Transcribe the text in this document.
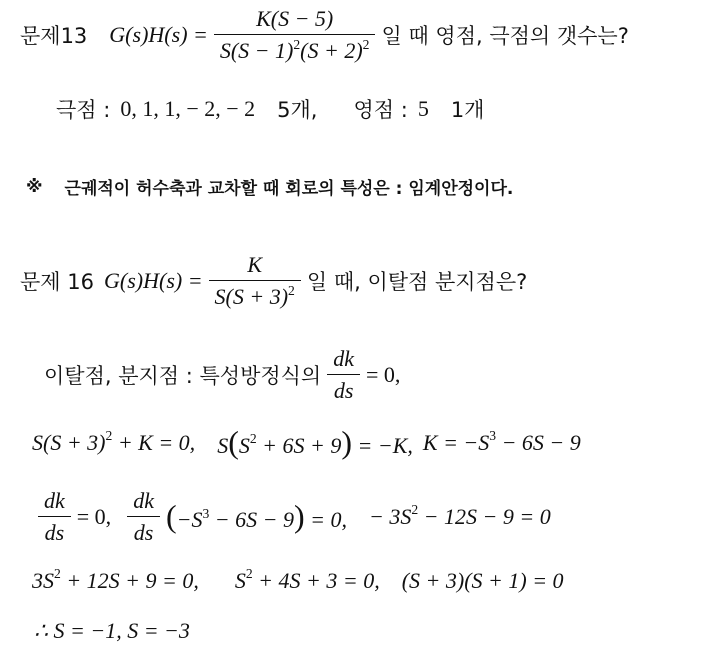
문제13 $G(s)H(s) = \frac{K(S - 5)}{S(S - 1)^2(S + 2)^2}$ 일 때 영점, 극점의 갯수는?
극점 : 0, 1, 1, − 2, − 2 5개, 영점 : 5 1개
※ 근궤적이 허수축과 교차할 때 회로의 특성은 : 임계안정이다.
문제 16 $G(s)H(s) = \frac{K}{S(S + 3)^2}$ 일 때, 이탈점 분지점은?
이탈점, 분지점 : 특성방정식의 $\frac{dk}{ds} = 0$,
$S(S + 3)^2 + K = 0$, $S(S^2 + 6S + 9) = -K$, $K = -S^3 - 6S - 9$
$\frac{dk}{ds} = 0$, $\frac{dk}{ds} (-S^3 - 6S - 9) = 0$, − $3S^2 - 12S - 9 = 0$
$3S^2 + 12S + 9 = 0$, $S^2 + 4S + 3 = 0$, (S + 3)(S + 1) = 0
∴ S = −1, S = −3
